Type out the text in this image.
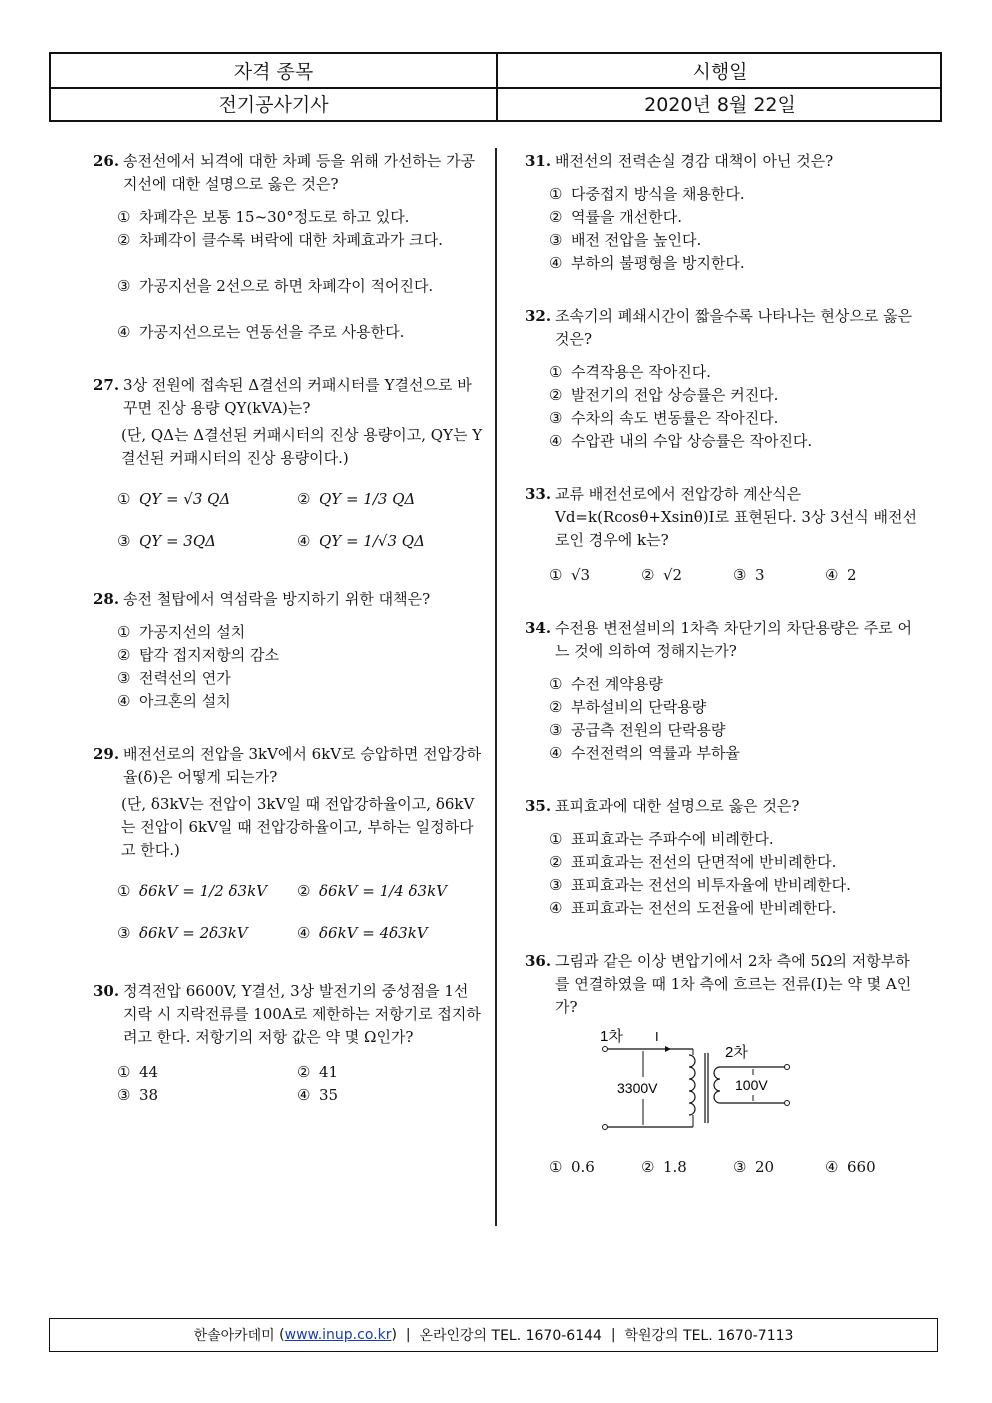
자격 종목	시행일
전기공사기사	2020년 8월 22일
26. 송전선에서 뇌격에 대한 차폐 등을 위해 가선하는 가공지선에 대한 설명으로 옳은 것은?
① 차폐각은 보통 15~30°정도로 하고 있다.
② 차폐각이 클수록 벼락에 대한 차폐효과가 크다.
③ 가공지선을 2선으로 하면 차폐각이 적어진다.
④ 가공지선으로는 연동선을 주로 사용한다.
27. 3상 전원에 접속된 Δ결선의 커패시터를 Y결선으로 바꾸면 진상 용량 QY(kVA)는?
(단, QΔ는 Δ결선된 커패시터의 진상 용량이고, QY는 Y결선된 커패시터의 진상 용량이다.)
① QY = √3 QΔ	② QY = 1/3 QΔ
③ QY = 3QΔ	④ QY = 1/√3 QΔ
28. 송전 철탑에서 역섬락을 방지하기 위한 대책은?
① 가공지선의 설치
② 탑각 접지저항의 감소
③ 전력선의 연가
④ 아크혼의 설치
29. 배전선로의 전압을 3kV에서 6kV로 승압하면 전압강하율(δ)은 어떻게 되는가?
(단, δ3kV는 전압이 3kV일 때 전압강하율이고, δ6kV는 전압이 6kV일 때 전압강하율이고, 부하는 일정하다고 한다.)
① δ6kV = 1/2 δ3kV ② δ6kV = 1/4 δ3kV
③ δ6kV = 2δ3kV	④ δ6kV = 4δ3kV
30. 정격전압 6600V, Y결선, 3상 발전기의 중성점을 1선 지락 시 지락전류를 100A로 제한하는 저항기로 접지하려고 한다. 저항기의 저항 값은 약 몇 Ω인가?
① 44	② 41
③ 38	④ 35
31. 배전선의 전력손실 경감 대책이 아닌 것은?
① 다중접지 방식을 채용한다.
② 역률을 개선한다.
③ 배전 전압을 높인다.
④ 부하의 불평형을 방지한다.
32. 조속기의 폐쇄시간이 짧을수록 나타나는 현상으로 옳은 것은?
① 수격작용은 작아진다.
② 발전기의 전압 상승률은 커진다.
③ 수차의 속도 변동률은 작아진다.
④ 수압관 내의 수압 상승률은 작아진다.
33. 교류 배전선로에서 전압강하 계산식은 Vd=k(Rcosθ+Xsinθ)I로 표현된다. 3상 3선식 배전선로인 경우에 k는?
① √3	② √2	③ 3	④ 2
34. 수전용 변전설비의 1차측 차단기의 차단용량은 주로 어느 것에 의하여 정해지는가?
① 수전 계약용량
② 부하설비의 단락용량
③ 공급측 전원의 단락용량
④ 수전전력의 역률과 부하율
35. 표피효과에 대한 설명으로 옳은 것은?
① 표피효과는 주파수에 비례한다.
② 표피효과는 전선의 단면적에 반비례한다.
③ 표피효과는 전선의 비투자율에 반비례한다.
④ 표피효과는 전선의 도전율에 반비례한다.
36. 그림과 같은 이상 변압기에서 2차 측에 5Ω의 저항부하를 연결하였을 때 1차 측에 흐르는 전류(I)는 약 몇 A인가?
1차 I
2차
3300V	100V
① 0.6	② 1.8	③ 20	④ 660
한솔아카데미 ( www.inup.co.kr )  | 온라인강의 TEL. 1670-6144 | 학원강의 TEL. 1670-7113
